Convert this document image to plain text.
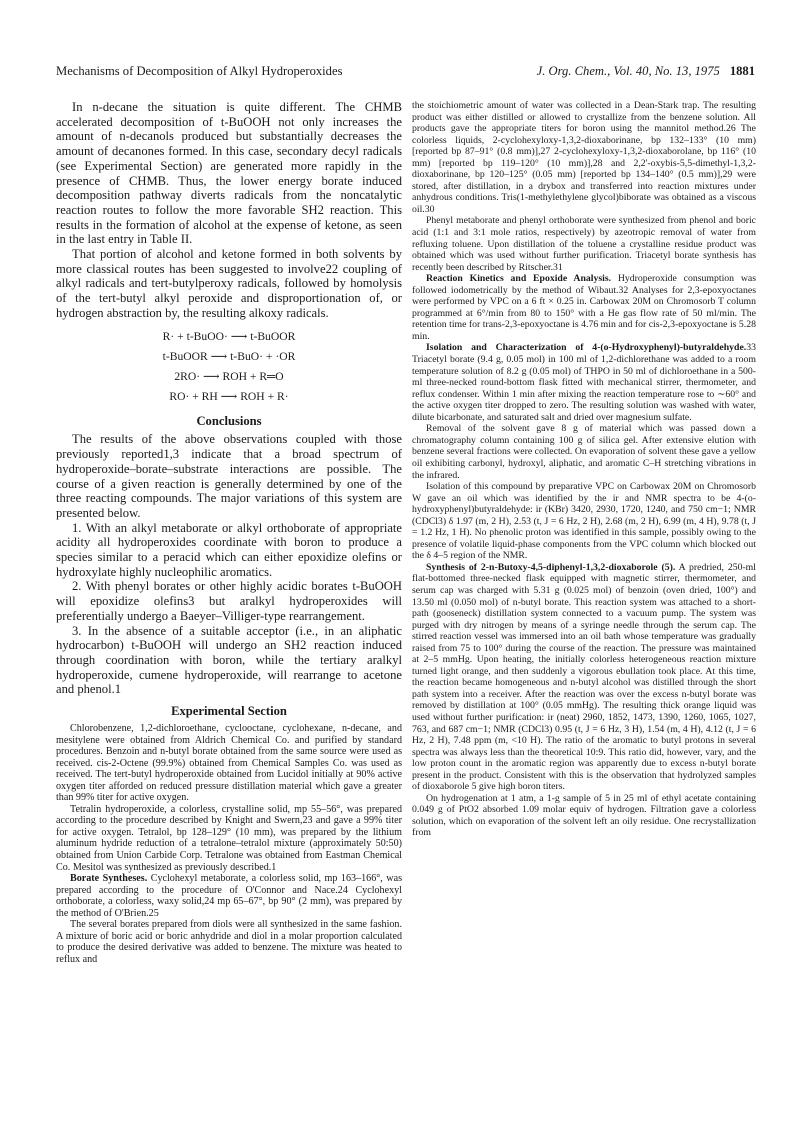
Mechanisms of Decomposition of Alkyl Hydroperoxides	J. Org. Chem., Vol. 40, No. 13, 1975 1881

In n-decane the situation is quite different. The CHMB accelerated decomposition of t-BuOOH not only increases the amount of n-decanols produced but substantially decreases the amount of decanones formed. In this case, secondary decyl radicals (see Experimental Section) are generated more rapidly in the presence of CHMB. Thus, the lower energy borate induced decomposition pathway diverts radicals from the noncatalytic reaction routes to follow the more favorable SH2 reaction. This results in the formation of alcohol at the expense of ketone, as seen in the last entry in Table II.

That portion of alcohol and ketone formed in both solvents by more classical routes has been suggested to involve22 coupling of alkyl radicals and tert-butylperoxy radicals, followed by homolysis of the tert-butyl alkyl peroxide and disproportionation of, or hydrogen abstraction by, the resulting alkoxy radicals.

R· + t-BuOO· ⟶ t-BuOOR
t-BuOOR ⟶ t-BuO· + ·OR
2RO· ⟶ ROH + R═O
RO· + RH ⟶ ROH + R·
Conclusions

The results of the above observations coupled with those previously reported1,3 indicate that a broad spectrum of hydroperoxide–borate–substrate interactions are possible. The course of a given reaction is generally determined by one of the three reacting compounds. The major variations of this system are presented below.

1. With an alkyl metaborate or alkyl orthoborate of appropriate acidity all hydroperoxides coordinate with boron to produce a species similar to a peracid which can either epoxidize olefins or hydroxylate highly nucleophilic aromatics.

2. With phenyl borates or other highly acidic borates t-BuOOH will epoxidize olefins3 but aralkyl hydroperoxides will preferentially undergo a Baeyer–Villiger-type rearrangement.

3. In the absence of a suitable acceptor (i.e., in an aliphatic hydrocarbon) t-BuOOH will undergo an SH2 reaction induced through coordination with boron, while the tertiary aralkyl hydroperoxide, cumene hydroperoxide, will rearrange to acetone and phenol.1

Experimental Section

Chlorobenzene, 1,2-dichloroethane, cyclooctane, cyclohexane, n-decane, and mesitylene were obtained from Aldrich Chemical Co. and purified by standard procedures. Benzoin and n-butyl borate obtained from the same source were used as received. cis-2-Octene (99.9%) obtained from Chemical Samples Co. was used as received. The tert-butyl hydroperoxide obtained from Lucidol initially at 90% active oxygen titer afforded on reduced pressure distillation material which gave a greater than 99% titer for active oxygen.

Tetralin hydroperoxide, a colorless, crystalline solid, mp 55–56°, was prepared according to the procedure described by Knight and Swern,23 and gave a 99% titer for active oxygen. Tetralol, bp 128–129° (10 mm), was prepared by the lithium aluminum hydride reduction of a tetralone–tetralol mixture (approximately 50:50) obtained from Union Carbide Corp. Tetralone was obtained from Eastman Chemical Co. Mesitol was synthesized as previously described.1

Borate Syntheses. Cyclohexyl metaborate, a colorless solid, mp 163–166°, was prepared according to the procedure of O'Connor and Nace.24 Cyclohexyl orthoborate, a colorless, waxy solid,24 mp 65–67°, bp 90° (2 mm), was prepared by the method of O'Brien.25

The several borates prepared from diols were all synthesized in the same fashion. A mixture of boric acid or boric anhydride and diol in a molar proportion calculated to produce the desired derivative was added to benzene. The mixture was heated to reflux and

the stoichiometric amount of water was collected in a Dean-Stark trap. The resulting product was either distilled or allowed to crystallize from the benzene solution. All products gave the appropriate titers for boron using the mannitol method.26 The colorless liquids, 2-cyclohexyloxy-1,3,2-dioxaborinane, bp 132–133° (10 mm) [reported bp 87–91° (0.8 mm)],27 2-cyclohexyloxy-1,3,2-dioxaborolane, bp 116° (10 mm) [reported bp 119–120° (10 mm)],28 and 2,2'-oxybis-5,5-dimethyl-1,3,2-dioxaborinane, bp 120–125° (0.05 mm) [reported bp 134–140° (0.5 mm)],29 were stored, after distillation, in a drybox and transferred into reaction mixtures under anhydrous conditions. Tris(1-methylethylene glycol)biborate was obtained as a viscous oil.30

Phenyl metaborate and phenyl orthoborate were synthesized from phenol and boric acid (1:1 and 3:1 mole ratios, respectively) by azeotropic removal of water from refluxing toluene. Upon distillation of the toluene a crystalline residue product was obtained which was used without further purification. Triacetyl borate synthesis has recently been described by Ritscher.31

Reaction Kinetics and Epoxide Analysis. Hydroperoxide consumption was followed iodometrically by the method of Wibaut.32 Analyses for 2,3-epoxyoctanes were performed by VPC on a 6 ft × 0.25 in. Carbowax 20M on Chromosorb T column programmed at 6°/min from 80 to 150° with a He gas flow rate of 50 ml/min. The retention time for trans-2,3-epoxyoctane is 4.76 min and for cis-2,3-epoxyoctane is 5.28 min.

Isolation and Characterization of 4-(o-Hydroxyphenyl)-butyraldehyde.33 Triacetyl borate (9.4 g, 0.05 mol) in 100 ml of 1,2-dichlorethane was added to a room temperature solution of 8.2 g (0.05 mol) of THPO in 50 ml of dichloroethane in a 500-ml three-necked round-bottom flask fitted with mechanical stirrer, thermometer, and reflux condenser. Within 1 min after mixing the reaction temperature rose to ∼60° and the active oxygen titer dropped to zero. The resulting solution was washed with water, dilute bicarbonate, and saturated salt and dried over magnesium sulfate.

Removal of the solvent gave 8 g of material which was passed down a chromatography column containing 100 g of silica gel. After extensive elution with benzene several fractions were collected. On evaporation of solvent these gave a yellow oil exhibiting carbonyl, hydroxyl, aliphatic, and aromatic C–H stretching vibrations in the infrared.

Isolation of this compound by preparative VPC on Carbowax 20M on Chromosorb W gave an oil which was identified by the ir and NMR spectra to be 4-(o-hydroxyphenyl)butyraldehyde: ir (KBr) 3420, 2930, 1720, 1240, and 750 cm−1; NMR (CDCl3) δ 1.97 (m, 2 H), 2.53 (t, J = 6 Hz, 2 H), 2.68 (m, 2 H), 6.99 (m, 4 H), 9.78 (t, J = 1.2 Hz, 1 H). No phenolic proton was identified in this sample, possibly owing to the presence of volatile liquid-phase components from the VPC column which blocked out the δ 4–5 region of the NMR.

Synthesis of 2-n-Butoxy-4,5-diphenyl-1,3,2-dioxaborole (5). A predried, 250-ml flat-bottomed three-necked flask equipped with magnetic stirrer, thermometer, and serum cap was charged with 5.31 g (0.025 mol) of benzoin (oven dried, 100°) and 13.50 ml (0.050 mol) of n-butyl borate. This reaction system was attached to a short-path (gooseneck) distillation system connected to a vacuum pump. The system was purged with dry nitrogen by means of a syringe needle through the serum cap. The stirred reaction vessel was immersed into an oil bath whose temperature was gradually raised from 75 to 100° during the course of the reaction. The pressure was maintained at 2–5 mmHg. Upon heating, the initially colorless heterogeneous reaction mixture turned light orange, and then suddenly a vigorous ebullation took place. At this time, the reaction became homogeneous and n-butyl alcohol was distilled through the short path system into a receiver. After the reaction was over the excess n-butyl borate was removed by distillation at 100° (0.05 mmHg). The resulting thick orange liquid was used without further purification: ir (neat) 2960, 1852, 1473, 1390, 1260, 1065, 1027, 763, and 687 cm−1; NMR (CDCl3) 0.95 (t, J = 6 Hz, 3 H), 1.54 (m, 4 H), 4.12 (t, J = 6 Hz, 2 H), 7.48 ppm (m, <10 H). The ratio of the aromatic to butyl protons in several spectra was always less than the theoretical 10:9. This ratio did, however, vary, and the low proton count in the aromatic region was apparently due to excess n-butyl borate present in the product. Consistent with this is the observation that hydrolyzed samples of dioxaborole 5 give high boron titers.

On hydrogenation at 1 atm, a 1-g sample of 5 in 25 ml of ethyl acetate containing 0.049 g of PtO2 absorbed 1.09 molar equiv of hydrogen. Filtration gave a colorless solution, which on evaporation of the solvent left an oily residue. One recrystallization from
